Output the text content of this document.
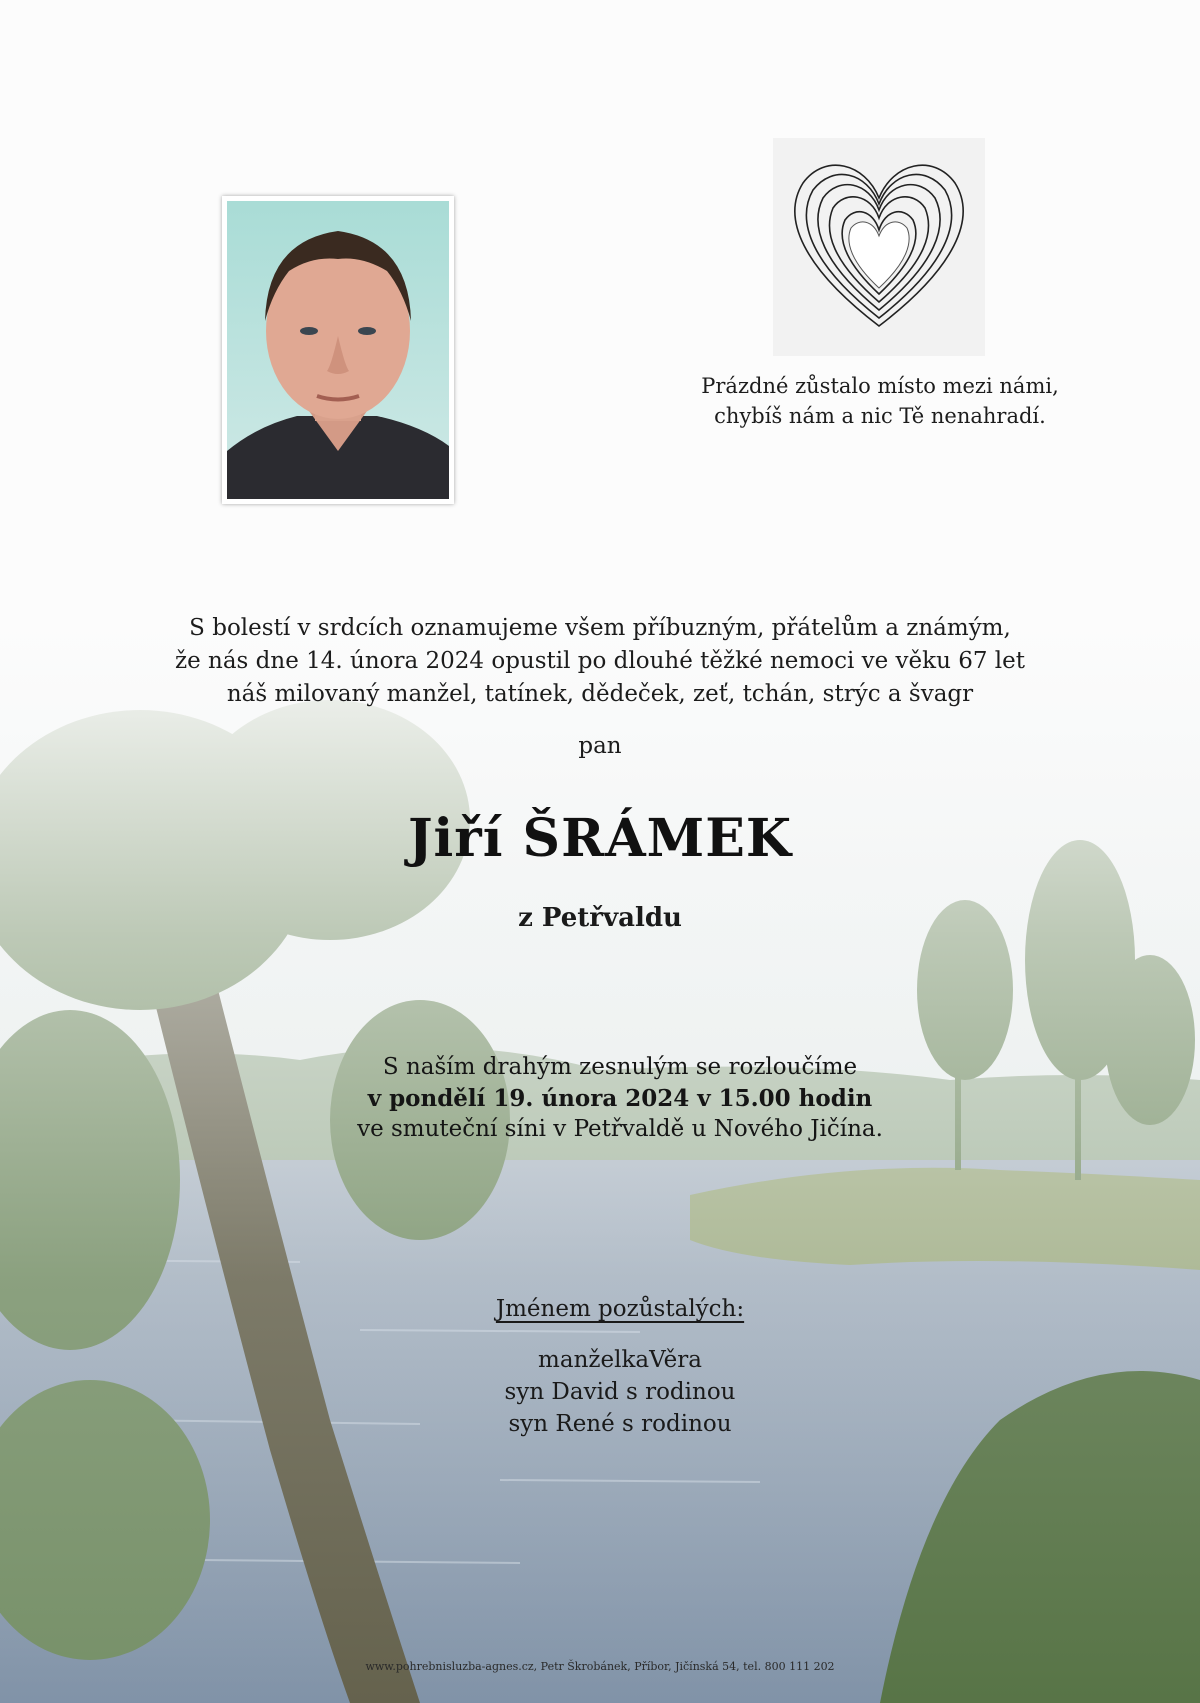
Prázdné zůstalo místo mezi námi,
chybíš nám a nic Tě nenahradí.
S bolestí v srdcích oznamujeme všem příbuzným, přátelům a známým,
že nás dne 14. února 2024 opustil po dlouhé těžké nemoci ve věku 67 let
náš milovaný manžel, tatínek, dědeček, zeť, tchán, strýc a švagr
pan
Jiří ŠRÁMEK
z Petřvaldu
S naším drahým zesnulým se rozloučíme
v pondělí 19. února 2024 v 15.00 hodin
ve smuteční síni v Petřvaldě u Nového Jičína.
Jménem pozůstalých:
manželkaVěra
syn David s rodinou
syn René s rodinou
www.pohrebnisluzba-agnes.cz, Petr Škrobánek, Příbor, Jičínská 54, tel. 800 111 202
